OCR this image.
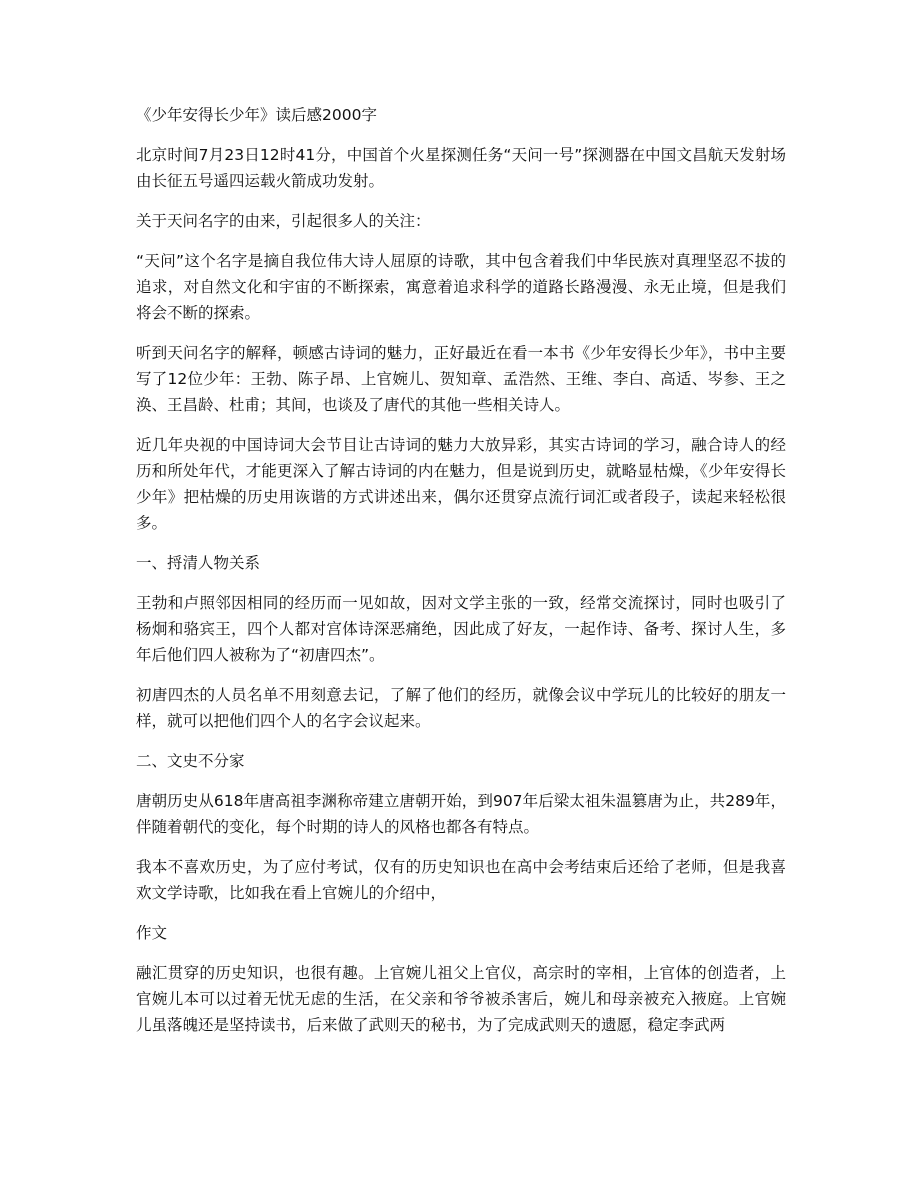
《少年安得长少年》读后感2000字

北京时间7月23日12时41分，中国首个火星探测任务“天问一号”探测器在中国文昌航天发射场由长征五号遥四运载火箭成功发射。

关于天问名字的由来，引起很多人的关注：

“天问”这个名字是摘自我位伟大诗人屈原的诗歌，其中包含着我们中华民族对真理坚忍不拔的追求，对自然文化和宇宙的不断探索，寓意着追求科学的道路长路漫漫、永无止境，但是我们将会不断的探索。

听到天问名字的解释，顿感古诗词的魅力，正好最近在看一本书《少年安得长少年》，书中主要写了12位少年：王勃、陈子昂、上官婉儿、贺知章、孟浩然、王维、李白、高适、岑参、王之涣、王昌龄、杜甫；其间，也谈及了唐代的其他一些相关诗人。

近几年央视的中国诗词大会节目让古诗词的魅力大放异彩，其实古诗词的学习，融合诗人的经历和所处年代，才能更深入了解古诗词的内在魅力，但是说到历史，就略显枯燥，《少年安得长少年》把枯燥的历史用诙谐的方式讲述出来，偶尔还贯穿点流行词汇或者段子，读起来轻松很多。

一、捋清人物关系

王勃和卢照邻因相同的经历而一见如故，因对文学主张的一致，经常交流探讨，同时也吸引了杨炯和骆宾王，四个人都对宫体诗深恶痛绝，因此成了好友，一起作诗、备考、探讨人生，多年后他们四人被称为了“初唐四杰”。

初唐四杰的人员名单不用刻意去记，了解了他们的经历，就像会议中学玩儿的比较好的朋友一样，就可以把他们四个人的名字会议起来。

二、文史不分家

唐朝历史从618年唐高祖李渊称帝建立唐朝开始，到907年后梁太祖朱温篡唐为止，共289年，伴随着朝代的变化，每个时期的诗人的风格也都各有特点。

我本不喜欢历史，为了应付考试，仅有的历史知识也在高中会考结束后还给了老师，但是我喜欢文学诗歌，比如我在看上官婉儿的介绍中，

作文

融汇贯穿的历史知识，也很有趣。上官婉儿祖父上官仪，高宗时的宰相，上官体的创造者，上官婉儿本可以过着无忧无虑的生活，在父亲和爷爷被杀害后，婉儿和母亲被充入掖庭。上官婉儿虽落魄还是坚持读书，后来做了武则天的秘书，为了完成武则天的遗愿，稳定李武两
